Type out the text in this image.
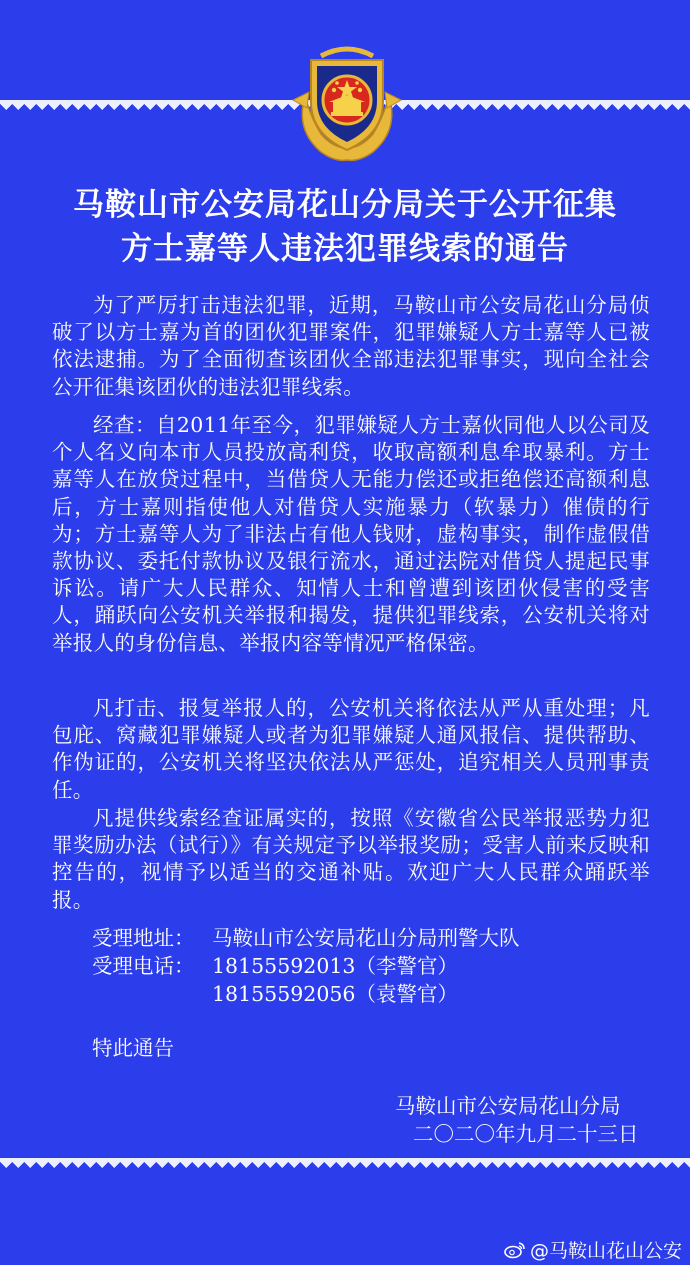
马鞍山市公安局花山分局关于公开征集
方士嘉等人违法犯罪线索的通告

为了严厉打击违法犯罪，近期，马鞍山市公安局花山分局侦破了以方士嘉为首的团伙犯罪案件，犯罪嫌疑人方士嘉等人已被依法逮捕。为了全面彻查该团伙全部违法犯罪事实，现向全社会公开征集该团伙的违法犯罪线索。

经查：自2011年至今，犯罪嫌疑人方士嘉伙同他人以公司及个人名义向本市人员投放高利贷，收取高额利息牟取暴利。方士嘉等人在放贷过程中，当借贷人无能力偿还或拒绝偿还高额利息后，方士嘉则指使他人对借贷人实施暴力（软暴力）催债的行为；方士嘉等人为了非法占有他人钱财，虚构事实，制作虚假借款协议、委托付款协议及银行流水，通过法院对借贷人提起民事诉讼。请广大人民群众、知情人士和曾遭到该团伙侵害的受害人，踊跃向公安机关举报和揭发，提供犯罪线索，公安机关将对举报人的身份信息、举报内容等情况严格保密。

凡打击、报复举报人的，公安机关将依法从严从重处理；凡包庇、窝藏犯罪嫌疑人或者为犯罪嫌疑人通风报信、提供帮助、作伪证的，公安机关将坚决依法从严惩处，追究相关人员刑事责任。

凡提供线索经查证属实的，按照《安徽省公民举报恶势力犯罪奖励办法（试行）》有关规定予以举报奖励；受害人前来反映和控告的，视情予以适当的交通补贴。欢迎广大人民群众踊跃举报。

受理地址： 马鞍山市公安局花山分局刑警大队
受理电话： 18155592013（李警官）
18155592056（袁警官）
特此通告
马鞍山市公安局花山分局
二〇二〇年九月二十三日
@马鞍山花山公安
